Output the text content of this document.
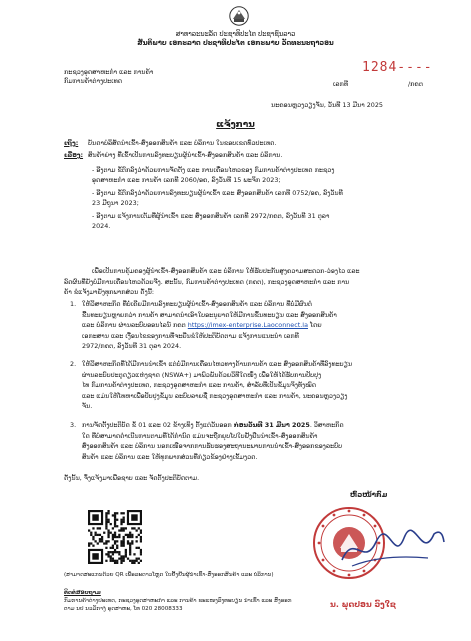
ສາທາລະນະລັດ ປະຊາທິປະໄຕ ປະຊາຊົນລາວ
ສັນຕິພາບ ເອກະລາດ ປະຊາທິປະໄຕ ເອກະພາບ ວັດທະນະຖາວອນ
ກະຊວງອຸດສາຫະກຳ ແລະ ການຄ້າ
ກົມການຄ້າຕ່າງປະເທດ	ເລກທີ
1284----
/ກຄຕ
ນະຄອນຫຼວງວຽງຈັນ, ວັນທີ 13 ມີນາ 2025
ແຈ້ງການ
ເຖິງ: ບັນດາບໍລິສັດນຳເຂົ້າ-ສົ່ງອອກສິນຄ້າ ແລະ ບໍລິການ ໃນຂອບເຂດທົ່ວປະເທດ.
ເລື່ອງ: ສິນຄ້າຍ່າງ ທີ່ເຂົ້າເປັນການລົງທະບຽນຜູ້ນຳເຂົ້າ-ສົ່ງອອກສິນຄ້າ ແລະ ບໍລິການ.
- ອີງຕາມ ຂໍ້ຕົກລົງວ່າດ້ວຍການຈັດຕັ້ງ ແລະ ການເຄື່ອນໄຫວຂອງ ກົມການຄ້າຕ່າງປະເທດ ກະຊວງ
ອຸດສາຫະກຳ ແລະ ການຄ້າ ເລກທີ 2060/ອຄ, ລົງວັນທີ 15 ພະຈິກ 2023;
- ອີງຕາມ ຂໍ້ຕົກລົງວ່າດ້ວຍການລົງທະບຽນຜູ້ນຳເຂົ້າ ແລະ ສົ່ງອອກສິນຄ້າ ເລກທີ 0752/ອຄ, ລົງວັນທີ
23 ມີຖຸນາ 2023;
- ອີງຕາມ ແຈ້ງການເຕັມທີ່ຜູ້ນຳເຂົ້າ ແລະ ສົ່ງອອກສິນຄ້າ ເລກທີ 2972/ກຄຕ, ລົງວັນທີ 31 ຕຸລາ
2024.
ເພື່ອເປັນການຄຸ້ມຄອງຜູ້ນຳເຂົ້າ-ສົ່ງອອກສິນຄ້າ ແລະ ບໍລິການ ໃຫ້ຮັບປະກັນສູງຄວາມສະດວກ-ວ່ອງໄວ ແລະ
ລົດຜົນທີ່ຍັງບໍ່ມີການເຄື່ອນໄຫວດ້ວຍຈີງ. ສະນັ້ນ, ກົມການຄ້າຕ່າງປະເທດ (ກຄຕ), ກະຊວງອຸດສາຫະກຳ ແລະ ການ
ຄ້າ ຂໍແຈ້ງມາຍັງທຸກພາກສ່ວນ ດັ່ງນີ້:
1. ໃຫ້ວິສາຫະກິດ ທີ່ບໍ່ເຄີຍມີການລົງທະບຽນຜູ້ນຳເຂົ້າ-ສົ່ງອອກສິນຄ້າ ແລະ ບໍລິການ ທີ່ບໍ່ມີຜົນຕໍ່
ຂື້ນທະບຽນຫຼາຍກວ່າ ການຄ້າ ສາມາດນຳເອົາໃບອະນຸຍາດໃຫ້ມີການຂຶ້ນທະບຽນ ແລະ ສົ່ງອອກສິນຄ້າ
ແລະ ບໍລິການ ຜ່ານລະບົບອອນໄລນ໌ ກຄຕ https://imex-enterprise.Laoconnect.la ໂດຍ
ເອກະສານ ແລະ ເງື່ອນໄຂຂອງການທີ່ຈະຍີ່ນຂໍໃຫ້ປະຕິບັດຕາມ ແຈ້ງການແນະນຳ ເລກທີ
2972/ກຄຕ, ລົງວັນທີ 31 ຕຸລາ 2024.
2. ໃຫ້ວິສາຫະກິດທີ່ໄດ້ມີການນຳເຂົ້າ ແຕ່ບໍ່ມີການເຄື່ອນໄຫວທາງດ້ານການຄ້າ ແລະ ສົ່ງອອກສິນຄ້າທີ່ລົງທະບຽນ
ຜ່ານລະບົບປະຕູດຽວແຫ່ງຊາດ (NSWA+) ມາພົວພັນດ້ວຍວິທີໃດໜຶ່ງ ເພື່ອໃຫ້ໄດ້ຮັບການປັບປຸງ
ໄທ ກົມການຄ້າຕ່າງປະເທດ, ກະຊວງອຸດສາຫະກຳ ແລະ ການຄ້າ, ສຳລັບທີ່ເປັນຂໍ້ມູນຈິງທັງໝົດ
ແລະ ແມ່ນໃຫ້ໂທຫາເພື່ອປັບປຸງຂໍ້ມູນ ລະບົບລາຍຊື່ ກະຊວງອຸດສາຫະກຳ ແລະ ການຄ້າ, ນະຄອນຫຼວງວຽງ
ຈັນ.
3. ການຈັດຕັ້ງປະຕິບັດ ຂໍ້ 01 ແລະ 02 ຂ້າງເທິງ ຕັ້ງແຕ່ວັນອອກ ກ່ອນວັນທີ 31 ມີນາ 2025. ວິສາຫະກິດ
ໃດ ທີ່ບໍ່ສາມາດດຳເນີນການຕາມທີ່ໄດ້ກຳນົດ ແມ່ນຈະຖືກຍຸບໂປໃບຢັ້ງຢືນນຳເຂົ້າ-ສົ່ງອອກສິນຄ້າ
ສົ່ງອອກສິນຄ້າ ແລະ ບໍລິການ ນອກເໜືອຈາກການຮັບຮອງສະຖານະພາບການນຳເຂົ້າ-ສົ່ງອອກຂອງລະບົບ
ສິນຄ້າ ແລະ ບໍລິການ ແລະ ໃຫ້ທຸກພາກສ່ວນທີ່ກ່ຽວຂ້ອງຢ່າງເຂັ້ມງວດ.
ດັ່ງນັ້ນ, ຈຶ່ງແຈ້ງມາເພື່ອຊາບ ແລະ ຈັດຕັ້ງປະຕິບັດຕາມ.
ຫົວໜ້າກົມ
(ສາມາດສະແກນດ້ວຍ QR ເພື່ອລະດາວໂຫຼດ ໃບຢັ້ງຢືນຜູ້ນຳເຂົ້າ-ສົ່ງອອກສິນຄ້າ ແລະ ບໍລິການ)
ນ. ພຸດປອນ ວົງໃຊ
ຕິດຕໍ່ສອບຖາມ
ກົມການຄ້າຕ່າງປະເທດ, ກະຊວງອຸດສາຫະກຳ ແລະ ການຄ້າ ຂະແໜງລົງທະບຽນ ນຳເຂົ້າ ແລະ ສົ່ງອອກ
ຕາມ ນປ ນວມັກາງໍ ອຸດສາຫະ, ໂທ 020 28008333
